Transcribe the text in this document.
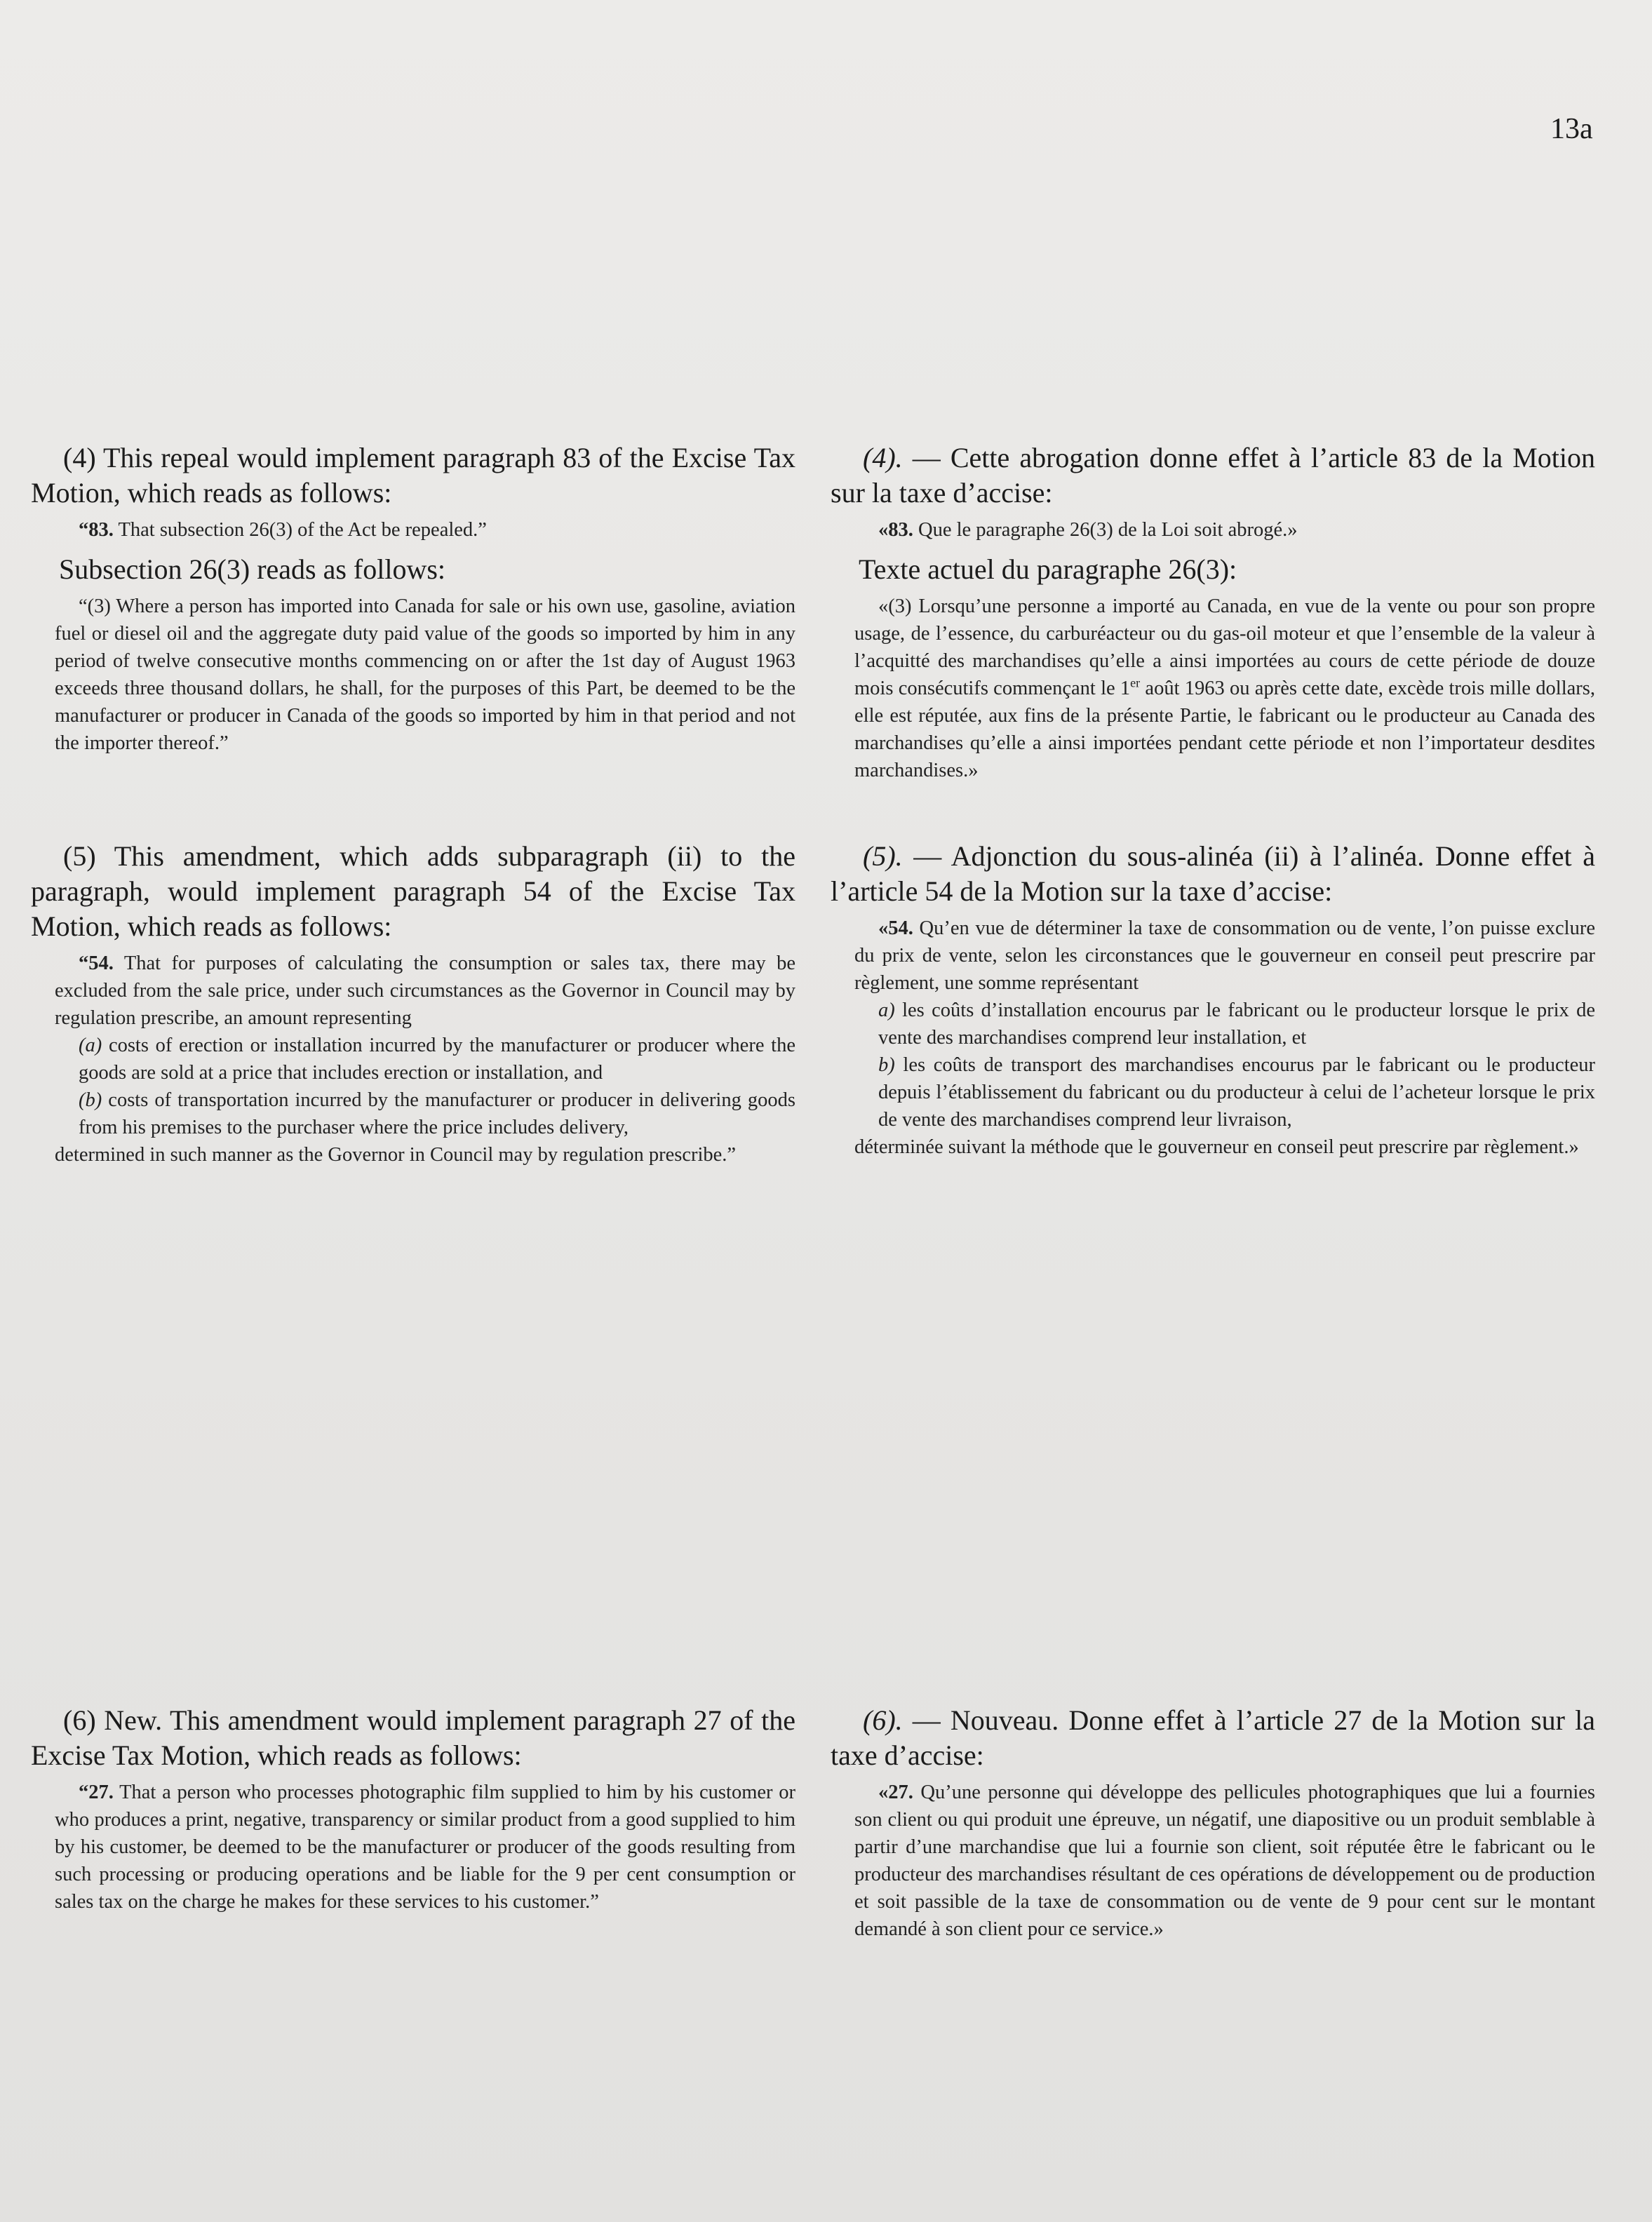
13a

(4) This repeal would implement paragraph 83 of the Excise Tax Motion, which reads as follows:

“83. That subsection 26(3) of the Act be repealed.”

Subsection 26(3) reads as follows:

“(3) Where a person has imported into Canada for sale or his own use, gasoline, aviation fuel or diesel oil and the aggregate duty paid value of the goods so imported by him in any period of twelve consecutive months commencing on or after the 1st day of August 1963 exceeds three thousand dollars, he shall, for the purposes of this Part, be deemed to be the manufacturer or producer in Canada of the goods so imported by him in that period and not the importer thereof.”

(4). — Cette abrogation donne effet à l’article 83 de la Motion sur la taxe d’accise:

«83. Que le paragraphe 26(3) de la Loi soit abrogé.»

Texte actuel du paragraphe 26(3):

«(3) Lorsqu’une personne a importé au Canada, en vue de la vente ou pour son propre usage, de l’essence, du carburéacteur ou du gas-oil moteur et que l’ensemble de la valeur à l’acquitté des marchandises qu’elle a ainsi importées au cours de cette période de douze mois consécutifs commençant le 1er août 1963 ou après cette date, excède trois mille dollars, elle est réputée, aux fins de la présente Partie, le fabricant ou le producteur au Canada des marchandises qu’elle a ainsi importées pendant cette période et non l’importateur desdites marchandises.»

(5) This amendment, which adds subparagraph (ii) to the paragraph, would implement paragraph 54 of the Excise Tax Motion, which reads as follows:

“54. That for purposes of calculating the consumption or sales tax, there may be excluded from the sale price, under such circumstances as the Governor in Council may by regulation prescribe, an amount representing

(a) costs of erection or installation incurred by the manufacturer or producer where the goods are sold at a price that includes erection or installation, and

(b) costs of transportation incurred by the manufacturer or producer in delivering goods from his premises to the purchaser where the price includes delivery,

determined in such manner as the Governor in Council may by regulation prescribe.”

(5). — Adjonction du sous-alinéa (ii) à l’alinéa. Donne effet à l’article 54 de la Motion sur la taxe d’accise:

«54. Qu’en vue de déterminer la taxe de consommation ou de vente, l’on puisse exclure du prix de vente, selon les circonstances que le gouverneur en conseil peut prescrire par règlement, une somme représentant

a) les coûts d’installation encourus par le fabricant ou le producteur lorsque le prix de vente des marchandises comprend leur installation, et

b) les coûts de transport des marchandises encourus par le fabricant ou le producteur depuis l’établissement du fabricant ou du producteur à celui de l’acheteur lorsque le prix de vente des marchandises comprend leur livraison,

déterminée suivant la méthode que le gouverneur en conseil peut prescrire par règlement.»

(6) New. This amendment would implement paragraph 27 of the Excise Tax Motion, which reads as follows:

“27. That a person who processes photographic film supplied to him by his customer or who produces a print, negative, transparency or similar product from a good supplied to him by his customer, be deemed to be the manufacturer or producer of the goods resulting from such processing or producing operations and be liable for the 9 per cent consumption or sales tax on the charge he makes for these services to his customer.”

(6). — Nouveau. Donne effet à l’article 27 de la Motion sur la taxe d’accise:

«27. Qu’une personne qui développe des pellicules photographiques que lui a fournies son client ou qui produit une épreuve, un négatif, une diapositive ou un produit semblable à partir d’une marchandise que lui a fournie son client, soit réputée être le fabricant ou le producteur des marchandises résultant de ces opérations de développement ou de production et soit passible de la taxe de consommation ou de vente de 9 pour cent sur le montant demandé à son client pour ce service.»
